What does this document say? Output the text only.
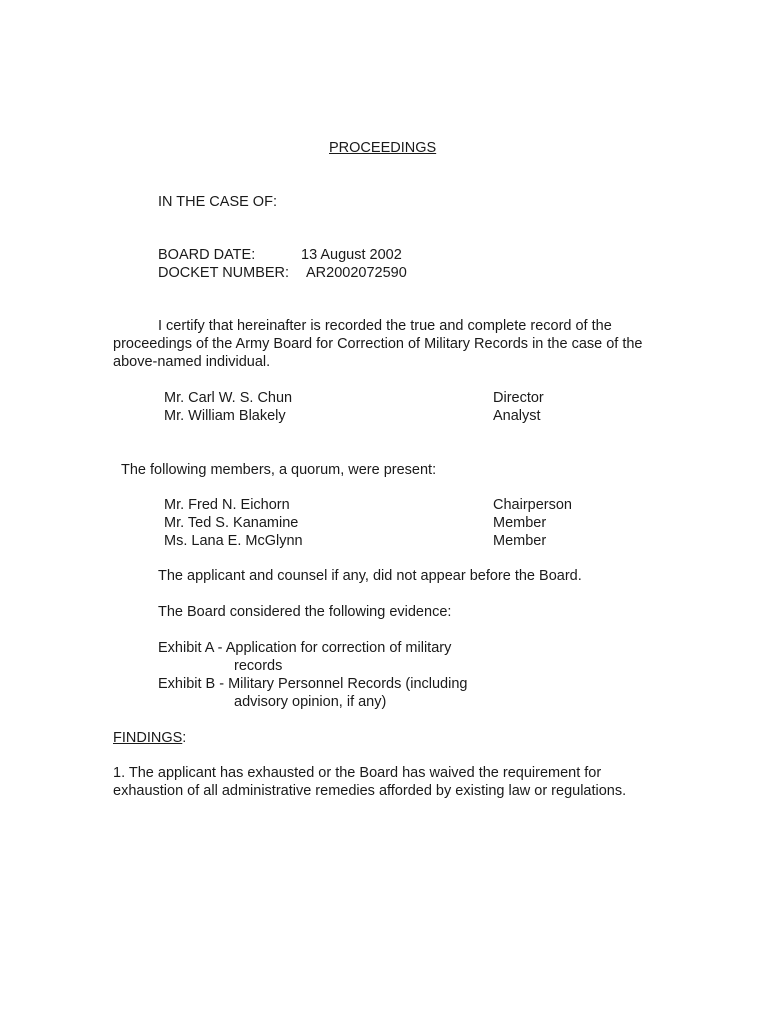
PROCEEDINGS
IN THE CASE OF:
BOARD DATE:	13 August 2002
DOCKET NUMBER: AR2002072590

I certify that hereinafter is recorded the true and complete record of the proceedings of the Army Board for Correction of Military Records in the case of the above-named individual.

Mr. Carl W. S. Chun	Director
Mr. William Blakely	Analyst
The following members, a quorum, were present:
Mr. Fred N. Eichorn	Chairperson
Mr. Ted S. Kanamine	Member
Ms. Lana E. McGlynn	Member
The applicant and counsel if any, did not appear before the Board.
The Board considered the following evidence:
Exhibit A - Application for correction of military
records
Exhibit B - Military Personnel Records (including
advisory opinion, if any)
FINDINGS:

1. The applicant has exhausted or the Board has waived the requirement for exhaustion of all administrative remedies afforded by existing law or regulations.
